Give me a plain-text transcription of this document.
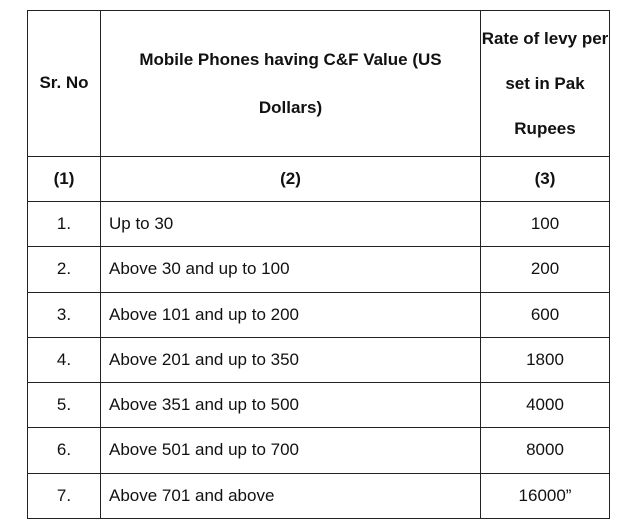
Sr. No	Mobile Phones having C&F Value (US Dollars)	Rate of levy per set in Pak Rupees
(1)	(2)	(3)
1.	Up to 30	100
2.	Above 30 and up to 100	200
3.	Above 101 and up to 200	600
4.	Above 201 and up to 350	1800
5.	Above 351 and up to 500	4000
6.	Above 501 and up to 700	8000
7.	Above 701 and above	16000”
